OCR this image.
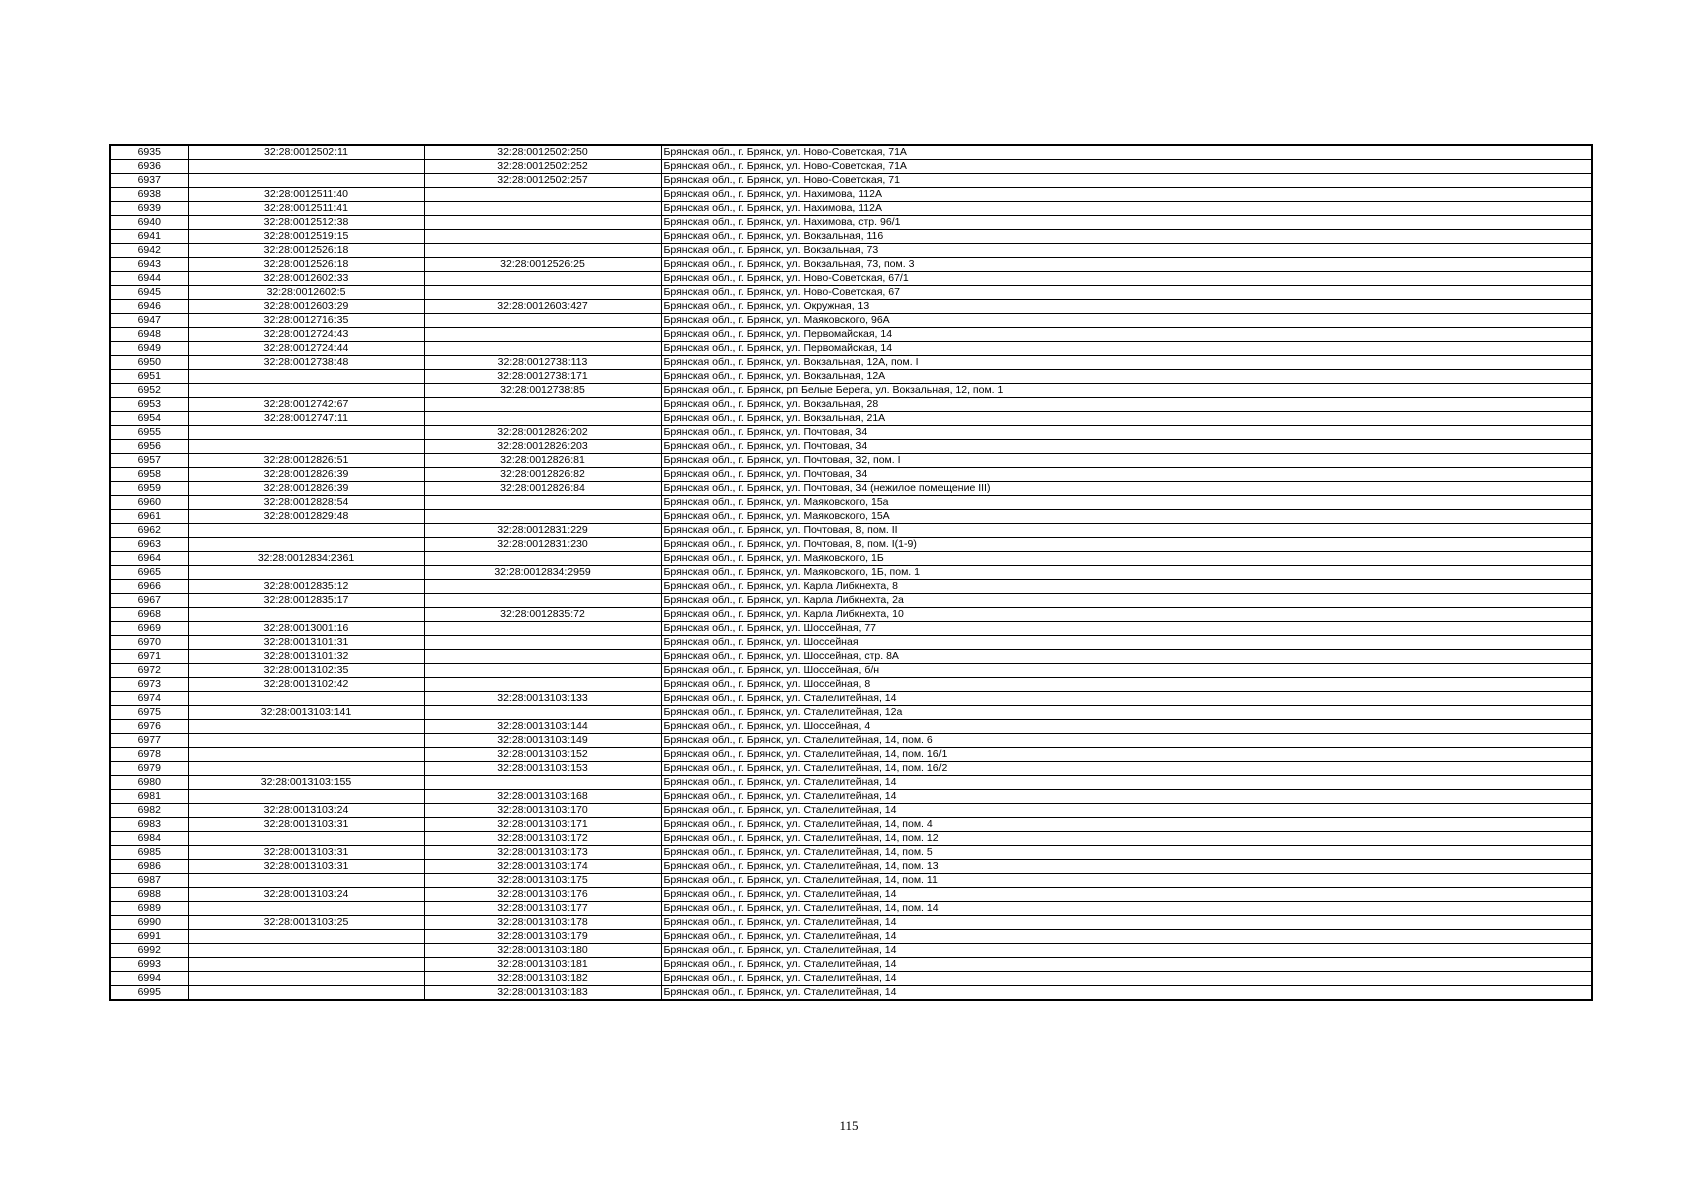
6935	32:28:0012502:11	32:28:0012502:250	Брянская обл., г. Брянск, ул. Ново-Советская, 71А
6936		32:28:0012502:252	Брянская обл., г. Брянск, ул. Ново-Советская, 71А
6937		32:28:0012502:257	Брянская обл., г. Брянск, ул. Ново-Советская, 71
6938	32:28:0012511:40		Брянская обл., г. Брянск, ул. Нахимова, 112А
6939	32:28:0012511:41		Брянская обл., г. Брянск, ул. Нахимова, 112А
6940	32:28:0012512:38		Брянская обл., г. Брянск, ул. Нахимова, стр. 96/1
6941	32:28:0012519:15		Брянская обл., г. Брянск, ул. Вокзальная, 116
6942	32:28:0012526:18		Брянская обл., г. Брянск, ул. Вокзальная, 73
6943	32:28:0012526:18	32:28:0012526:25	Брянская обл., г. Брянск, ул. Вокзальная, 73, пом. 3
6944	32:28:0012602:33		Брянская обл., г. Брянск, ул. Ново-Советская, 67/1
6945	32:28:0012602:5		Брянская обл., г. Брянск, ул. Ново-Советская, 67
6946	32:28:0012603:29	32:28:0012603:427	Брянская обл., г. Брянск, ул. Окружная, 13
6947	32:28:0012716:35		Брянская обл., г. Брянск, ул. Маяковского, 96А
6948	32:28:0012724:43		Брянская обл., г. Брянск, ул. Первомайская, 14
6949	32:28:0012724:44		Брянская обл., г. Брянск, ул. Первомайская, 14
6950	32:28:0012738:48	32:28:0012738:113	Брянская обл., г. Брянск, ул. Вокзальная, 12А, пом. I
6951		32:28:0012738:171	Брянская обл., г. Брянск, ул. Вокзальная, 12А
6952		32:28:0012738:85	Брянская обл., г. Брянск, рп Белые Берега, ул. Вокзальная, 12, пом. 1
6953	32:28:0012742:67		Брянская обл., г. Брянск, ул. Вокзальная, 28
6954	32:28:0012747:11		Брянская обл., г. Брянск, ул. Вокзальная, 21А
6955		32:28:0012826:202	Брянская обл., г. Брянск, ул. Почтовая, 34
6956		32:28:0012826:203	Брянская обл., г. Брянск, ул. Почтовая, 34
6957	32:28:0012826:51	32:28:0012826:81	Брянская обл., г. Брянск, ул. Почтовая, 32, пом. I
6958	32:28:0012826:39	32:28:0012826:82	Брянская обл., г. Брянск, ул. Почтовая, 34
6959	32:28:0012826:39	32:28:0012826:84	Брянская обл., г. Брянск, ул. Почтовая, 34 (нежилое помещение III)
6960	32:28:0012828:54		Брянская обл., г. Брянск, ул. Маяковского, 15а
6961	32:28:0012829:48		Брянская обл., г. Брянск, ул. Маяковского, 15А
6962		32:28:0012831:229	Брянская обл., г. Брянск, ул. Почтовая, 8, пом. II
6963		32:28:0012831:230	Брянская обл., г. Брянск, ул. Почтовая, 8, пом. I(1-9)
6964	32:28:0012834:2361		Брянская обл., г. Брянск, ул. Маяковского, 1Б
6965		32:28:0012834:2959	Брянская обл., г. Брянск, ул. Маяковского, 1Б, пом. 1
6966	32:28:0012835:12		Брянская обл., г. Брянск, ул. Карла Либкнехта, 8
6967	32:28:0012835:17		Брянская обл., г. Брянск, ул. Карла Либкнехта, 2а
6968		32:28:0012835:72	Брянская обл., г. Брянск, ул. Карла Либкнехта, 10
6969	32:28:0013001:16		Брянская обл., г. Брянск, ул. Шоссейная, 77
6970	32:28:0013101:31		Брянская обл., г. Брянск, ул. Шоссейная
6971	32:28:0013101:32		Брянская обл., г. Брянск, ул. Шоссейная, стр. 8А
6972	32:28:0013102:35		Брянская обл., г. Брянск, ул. Шоссейная, б/н
6973	32:28:0013102:42		Брянская обл., г. Брянск, ул. Шоссейная, 8
6974		32:28:0013103:133	Брянская обл., г. Брянск, ул. Сталелитейная, 14
6975	32:28:0013103:141		Брянская обл., г. Брянск, ул. Сталелитейная, 12а
6976		32:28:0013103:144	Брянская обл., г. Брянск, ул. Шоссейная, 4
6977		32:28:0013103:149	Брянская обл., г. Брянск, ул. Сталелитейная, 14, пом. 6
6978		32:28:0013103:152	Брянская обл., г. Брянск, ул. Сталелитейная, 14, пом. 16/1
6979		32:28:0013103:153	Брянская обл., г. Брянск, ул. Сталелитейная, 14, пом. 16/2
6980	32:28:0013103:155		Брянская обл., г. Брянск, ул. Сталелитейная, 14
6981		32:28:0013103:168	Брянская обл., г. Брянск, ул. Сталелитейная, 14
6982	32:28:0013103:24	32:28:0013103:170	Брянская обл., г. Брянск, ул. Сталелитейная, 14
6983	32:28:0013103:31	32:28:0013103:171	Брянская обл., г. Брянск, ул. Сталелитейная, 14, пом. 4
6984		32:28:0013103:172	Брянская обл., г. Брянск, ул. Сталелитейная, 14, пом. 12
6985	32:28:0013103:31	32:28:0013103:173	Брянская обл., г. Брянск, ул. Сталелитейная, 14, пом. 5
6986	32:28:0013103:31	32:28:0013103:174	Брянская обл., г. Брянск, ул. Сталелитейная, 14, пом. 13
6987		32:28:0013103:175	Брянская обл., г. Брянск, ул. Сталелитейная, 14, пом. 11
6988	32:28:0013103:24	32:28:0013103:176	Брянская обл., г. Брянск, ул. Сталелитейная, 14
6989		32:28:0013103:177	Брянская обл., г. Брянск, ул. Сталелитейная, 14, пом. 14
6990	32:28:0013103:25	32:28:0013103:178	Брянская обл., г. Брянск, ул. Сталелитейная, 14
6991		32:28:0013103:179	Брянская обл., г. Брянск, ул. Сталелитейная, 14
6992		32:28:0013103:180	Брянская обл., г. Брянск, ул. Сталелитейная, 14
6993		32:28:0013103:181	Брянская обл., г. Брянск, ул. Сталелитейная, 14
6994		32:28:0013103:182	Брянская обл., г. Брянск, ул. Сталелитейная, 14
6995		32:28:0013103:183	Брянская обл., г. Брянск, ул. Сталелитейная, 14
115
